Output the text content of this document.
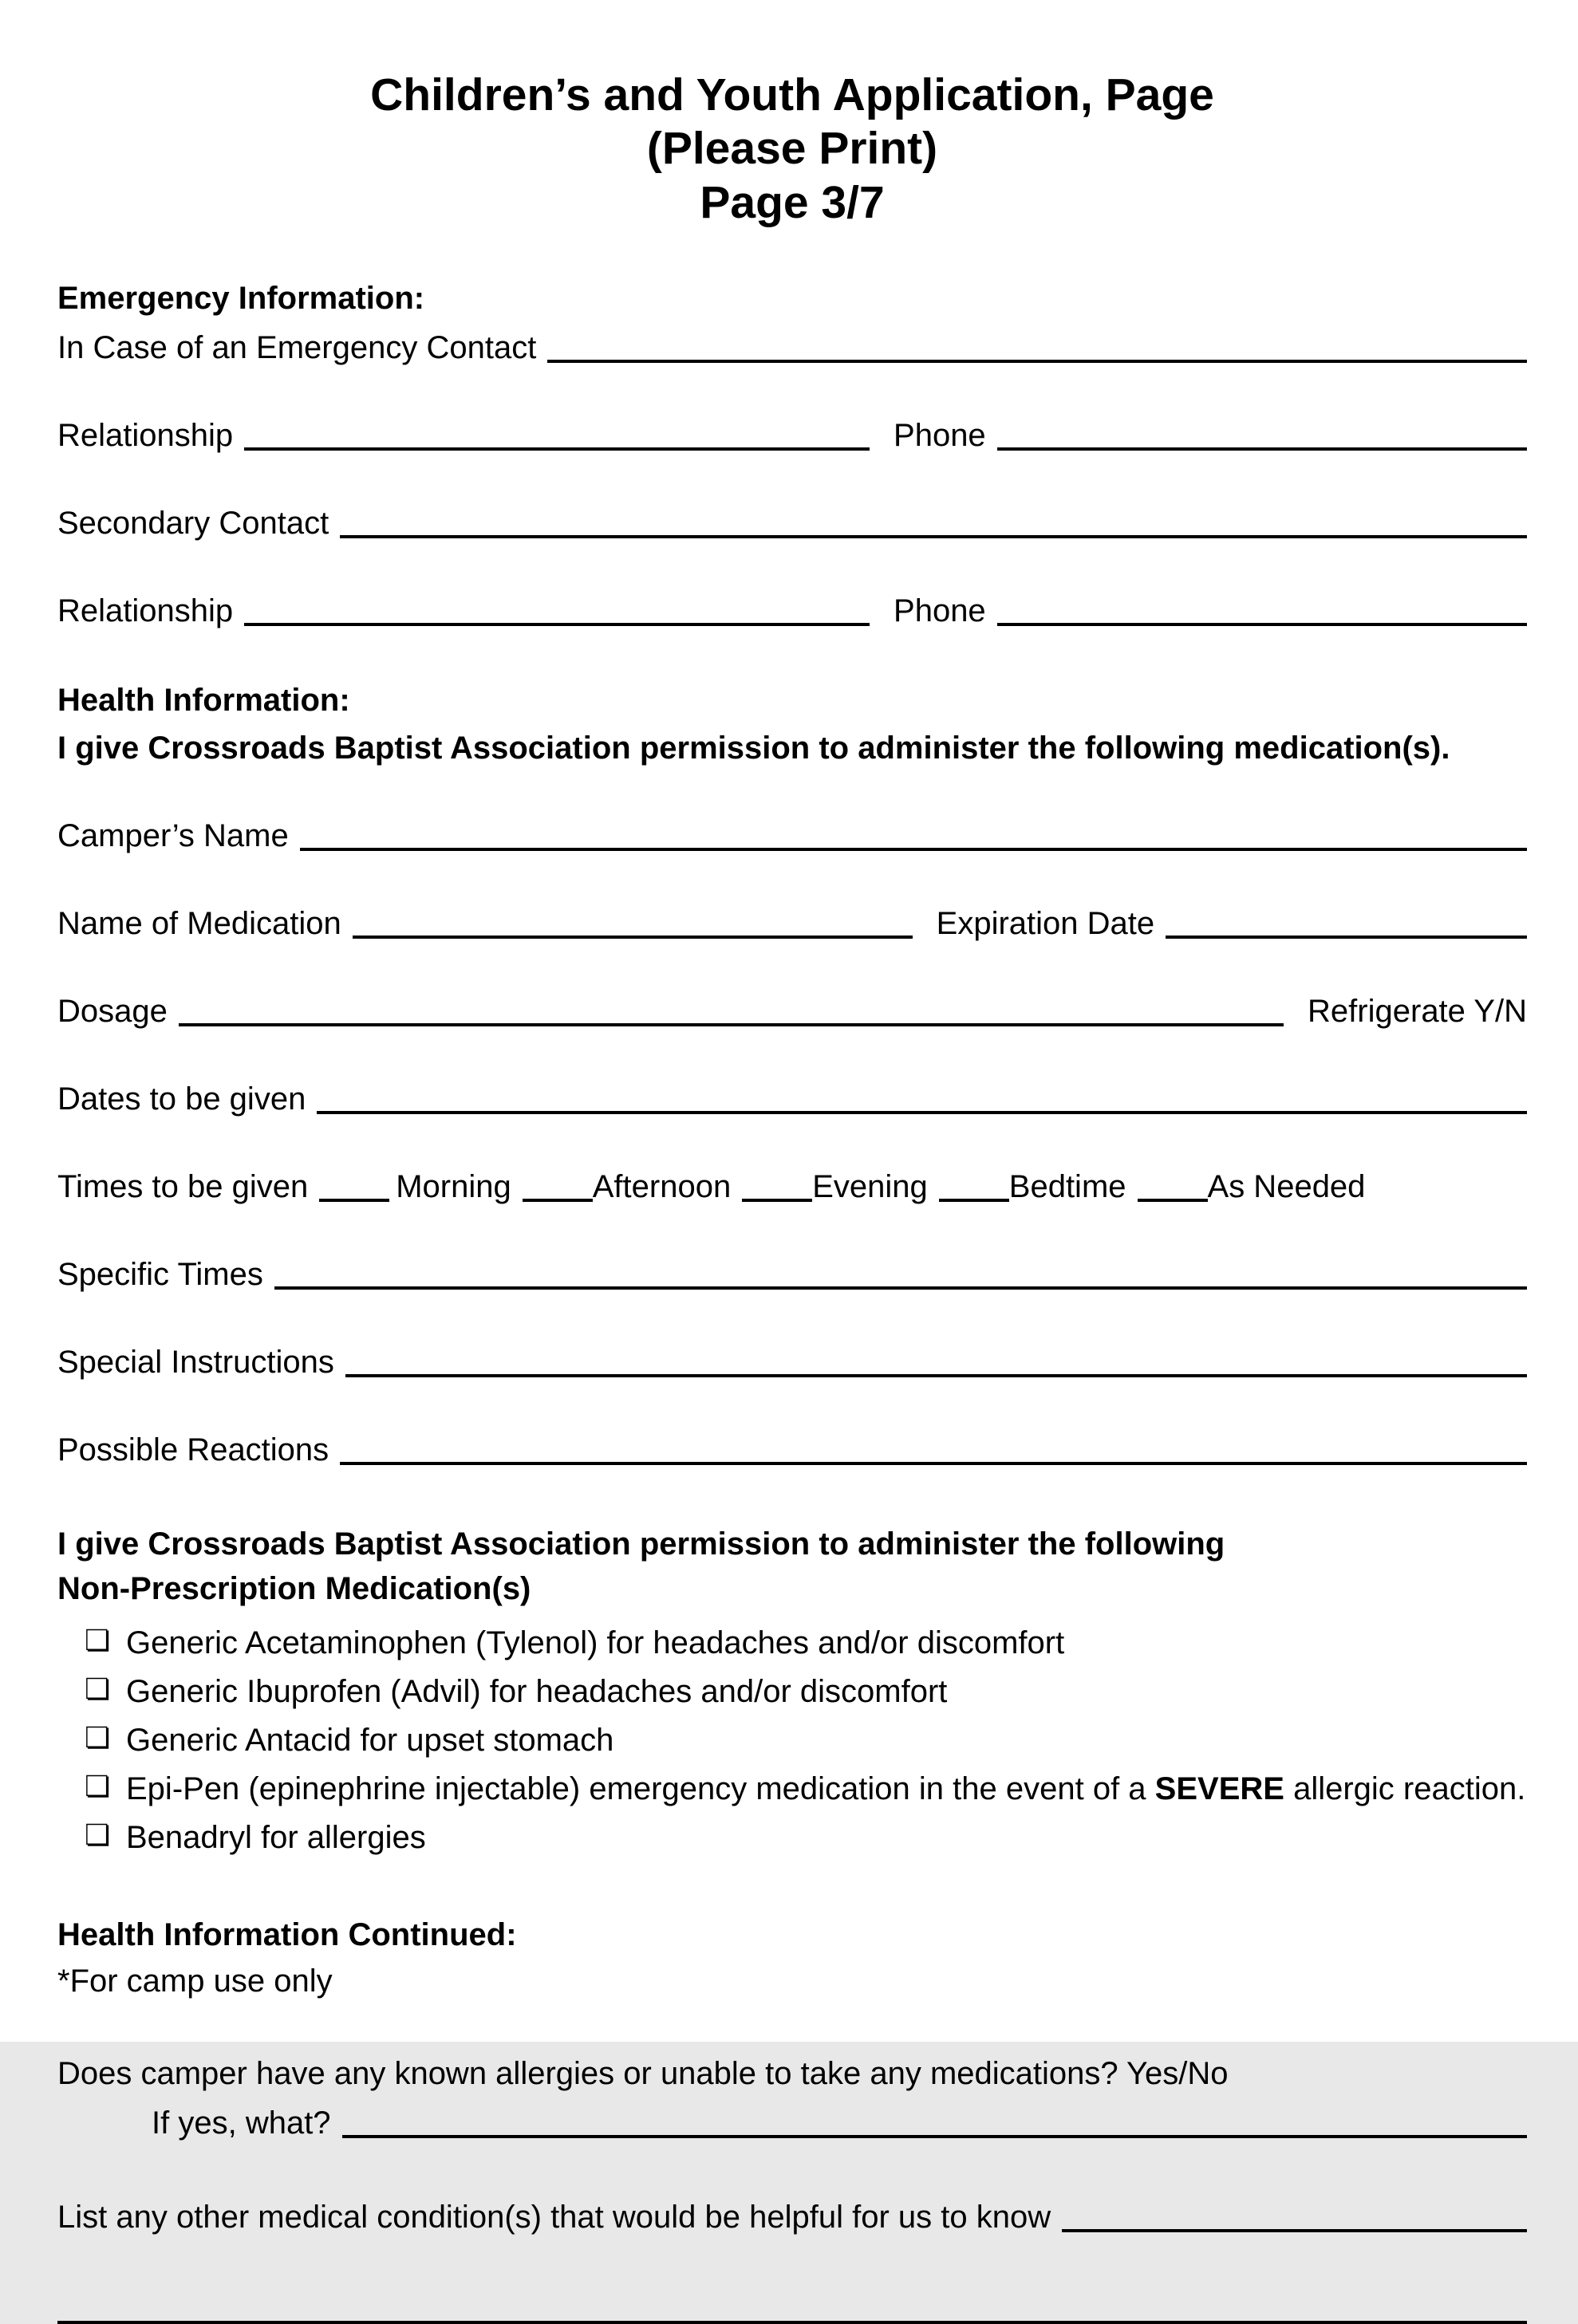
Children’s and Youth Application, Page
(Please Print)
Page 3/7
Emergency Information:
In Case of an Emergency Contact
Relationship	Phone
Secondary Contact
Relationship	Phone
Health Information:
I give Crossroads Baptist Association permission to administer the following medication(s).
Camper’s Name
Name of Medication	Expiration Date
Dosage	Refrigerate Y/N
Dates to be given
Times to be given	Morning	Afternoon	Evening	Bedtime	As Needed
Specific Times
Special Instructions
Possible Reactions
I give Crossroads Baptist Association permission to administer the following
Non-Prescription Medication(s)
❏ Generic Acetaminophen (Tylenol) for headaches and/or discomfort
❏ Generic Ibuprofen (Advil) for headaches and/or discomfort
❏ Generic Antacid for upset stomach
❏ Epi-Pen (epinephrine injectable) emergency medication in the event of a SEVERE allergic reaction.
❏ Benadryl for allergies
Health Information Continued:
*For camp use only
Does camper have any known allergies or unable to take any medications? Yes/No
If yes, what?
List any other medical condition(s) that would be helpful for us to know
